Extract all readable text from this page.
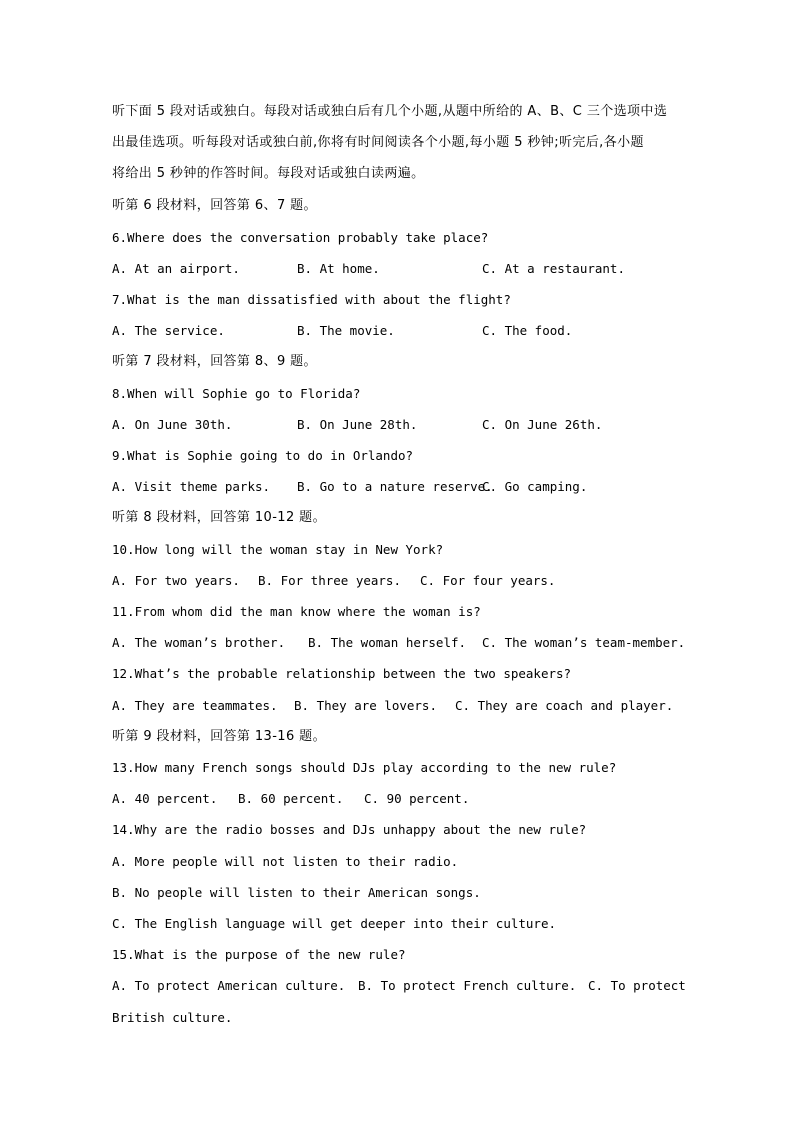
听下面 5 段对话或独白。每段对话或独白后有几个小题,从题中所给的 A、B、C 三个选项中选
出最佳选项。听每段对话或独白前,你将有时间阅读各个小题,每小题 5 秒钟;听完后,各小题
将给出 5 秒钟的作答时间。每段对话或独白读两遍。
听第 6 段材料，回答第 6、7 题。
6.Where does the conversation probably take place?
A. At an airport.	B. At home.	C. At a restaurant.
7.What is the man dissatisfied with about the flight?
A. The service.	B. The movie.	C. The food.
听第 7 段材料，回答第 8、9 题。
8.When will Sophie go to Florida?
A. On June 30th.	B. On June 28th.	C. On June 26th.
9.What is Sophie going to do in Orlando?
A. Visit theme parks. B. Go to a nature reserve.
C. Go camping.
听第 8 段材料，回答第 10-12 题。
10.How long will the woman stay in New York?
A. For two years. B. For three years. C. For four years.
11.From whom did the man know where the woman is?
A. The woman’s brother. B. The woman herself. C. The woman’s team-member.
12.What’s the probable relationship between the two speakers?
A. They are teammates. B. They are lovers. C. They are coach and player.
听第 9 段材料，回答第 13-16 题。
13.How many French songs should DJs play according to the new rule?
A. 40 percent. B. 60 percent. C. 90 percent.
14.Why are the radio bosses and DJs unhappy about the new rule?
A. More people will not listen to their radio.
B. No people will listen to their American songs.
C. The English language will get deeper into their culture.
15.What is the purpose of the new rule?
A. To protect American culture. B. To protect French culture. C. To protect
British culture.
